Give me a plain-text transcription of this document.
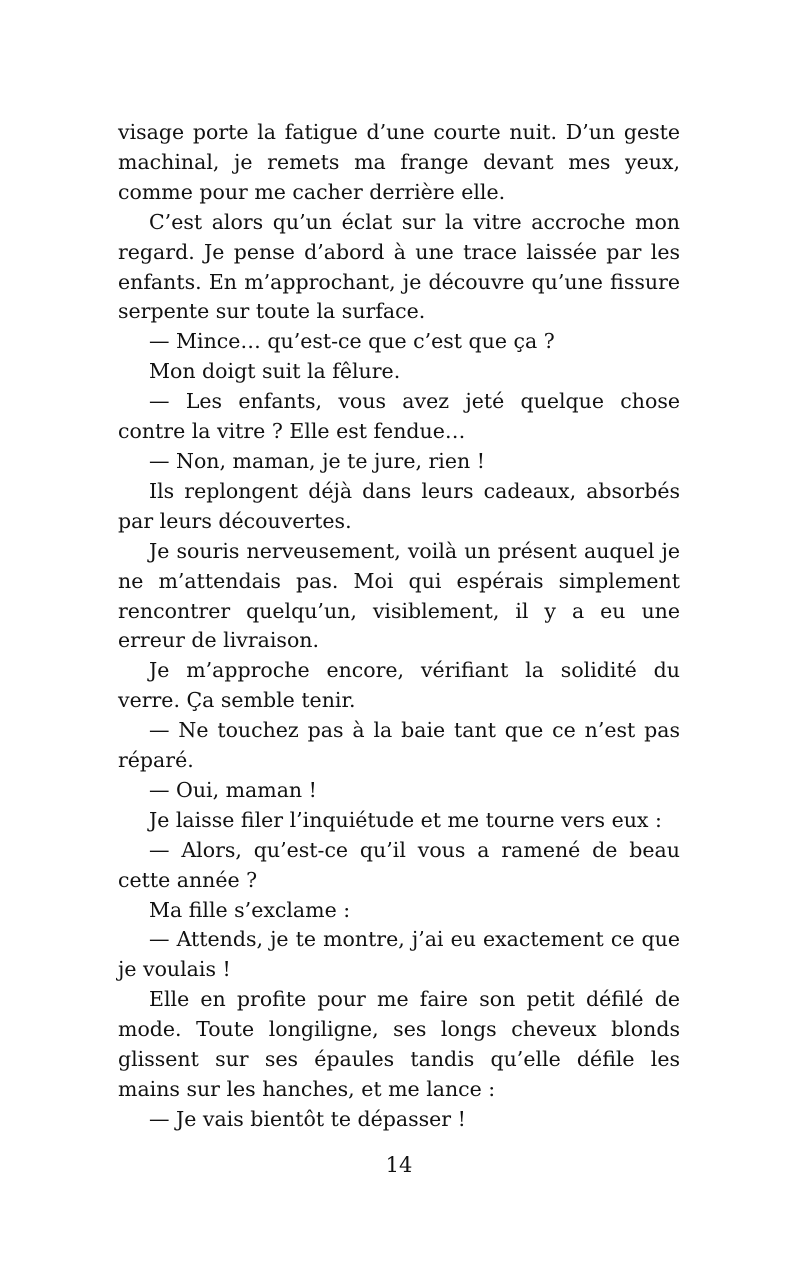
visage porte la fatigue d’une courte nuit. D’un geste machinal, je remets ma frange devant mes yeux, comme pour me cacher derrière elle.

C’est alors qu’un éclat sur la vitre accroche mon regard. Je pense d’abord à une trace laissée par les enfants. En m’approchant, je découvre qu’une fissure serpente sur toute la surface.

— Mince… qu’est-ce que c’est que ça ?

Mon doigt suit la fêlure.

— Les enfants, vous avez jeté quelque chose contre la vitre ? Elle est fendue…

— Non, maman, je te jure, rien !

Ils replongent déjà dans leurs cadeaux, absorbés par leurs découvertes.

Je souris nerveusement, voilà un présent auquel je ne m’attendais pas. Moi qui espérais simplement rencontrer quelqu’un, visiblement, il y a eu une erreur de livraison.

Je m’approche encore, vérifiant la solidité du verre. Ça semble tenir.

— Ne touchez pas à la baie tant que ce n’est pas réparé.

— Oui, maman !

Je laisse filer l’inquiétude et me tourne vers eux :

— Alors, qu’est-ce qu’il vous a ramené de beau cette année ?

Ma fille s’exclame :

— Attends, je te montre, j’ai eu exactement ce que je voulais !

Elle en profite pour me faire son petit défilé de mode. Toute longiligne, ses longs cheveux blonds glissent sur ses épaules tandis qu’elle défile les mains sur les hanches, et me lance :

— Je vais bientôt te dépasser !

14
